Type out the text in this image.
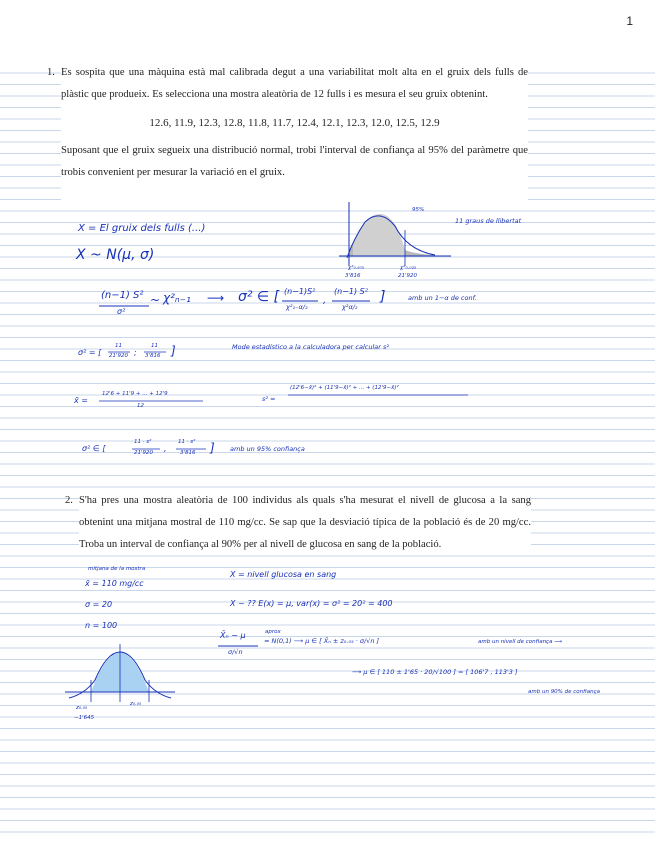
1
1. Es sospita que una màquina està mal calibrada degut a una variabilitat molt alta en el gruix dels fulls de plàstic que produeix. Es selecciona una mostra aleatòria de 12 fulls i es mesura el seu gruix obtenint.

12.6, 11.9, 12.3, 12.8, 11.8, 11.7, 12.4, 12.1, 12.3, 12.0, 12.5, 12.9

Suposant que el gruix segueix una distribució normal, trobi l'interval de confiança al 95% del paràmetre que trobis convenient per mesurar la variació en el gruix.

X = El gruix dels fulls (...)
X ~ N(μ, σ)
95%
11 graus de llibertat
χ²₀.₉₇₅
3'816
χ²₀.₀₂₅
21'920
(n−1) S²
σ²
~ χ²ₙ₋₁ ⟶ σ² ∈ [ (n−1)S²
χ²₁₋α/₂
,
(n−1) S²
χ²α/₂
]	amb un 1−α de conf.
σ² = [
11
21'920 ;
11
3'816 ]	Mode estadístico a la calculadora per calcular s²
x̄ =
12'6 + 11'9 + ... + 12'9
12
s² =
(12'6−x̄)² + (11'9−x̄)² + ... + (12'9−x̄)²
σ² ∈ [
11 · s²
21'920 ,
11 · s²
3'816 ] amb un 95% confiança
2. S'ha pres una mostra aleatòria de 100 individus als quals s'ha mesurat el nivell de glucosa a la sang obtenint una mitjana mostral de 110 mg/cc. Se sap que la desviació típica de la població és de 20 mg/cc. Troba un interval de confiança al 90% per al nivell de glucosa en sang de la població.

mitjana de la mostra
x̄ = 110 mg/cc
σ = 20
n = 100
z₀.₀₅
−1'645
z₀.₀₅
X = nivell glucosa en sang
X ~ ?? E(x) = μ, var(x) = σ² = 20² = 400
X̄ₙ − μ
σ/√n
aprox
≈ N(0,1) ⟶ μ ∈ [ X̄ₙ ± z₀.₀₅ · σ/√n ]	amb un nivell de confiança ⟶
⟶ μ ∈ [ 110 ± 1'65 · 20/√100 ] = [ 106'7 , 113'3 ]
amb un 90% de confiança
